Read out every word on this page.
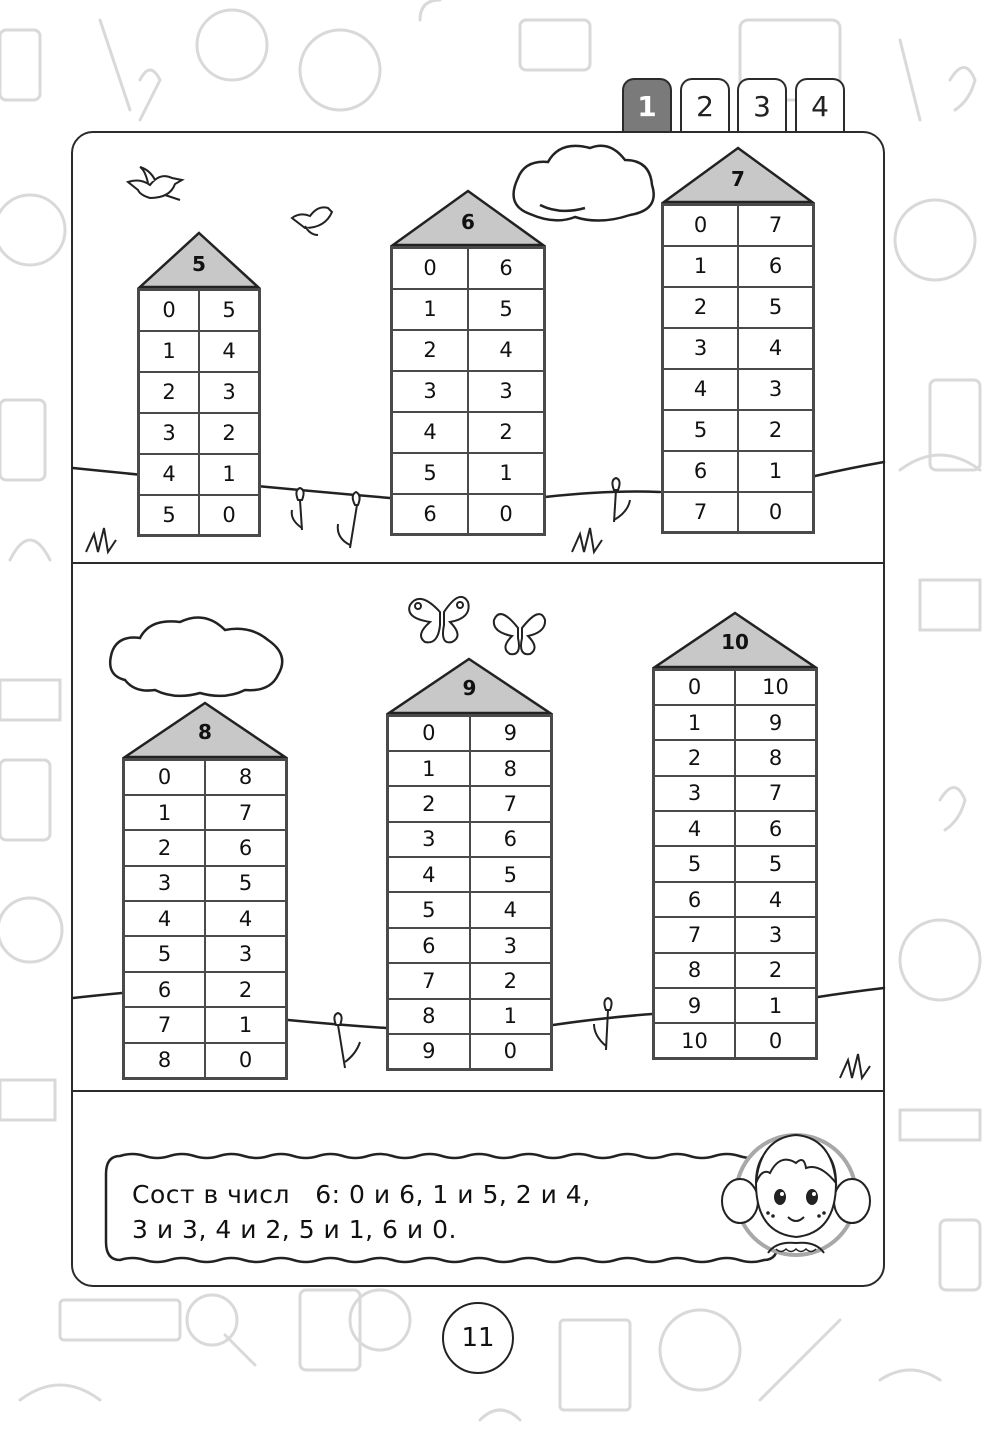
1	2	3	4
5
0	5
1	4
2	3
3	2
4	1
5	0
6
0	6
1	5
2	4
3	3
4	2
5	1
6	0
7
0	7
1	6
2	5
3	4
4	3
5	2
6	1
7	0
8
0	8
1	7
2	6
3	5
4	4
5	3
6	2
7	1
8	0
9
0	9
1	8
2	7
3	6
4	5
5	4
6	3
7	2
8	1
9	0
10
0	10
1	9
2	8
3	7
4	6
5	5
6	4
7	3
8	2
9	1
10	0
Сост в числ   6: 0 и 6, 1 и 5, 2 и 4,
3 и 3, 4 и 2, 5 и 1, 6 и 0.
11
